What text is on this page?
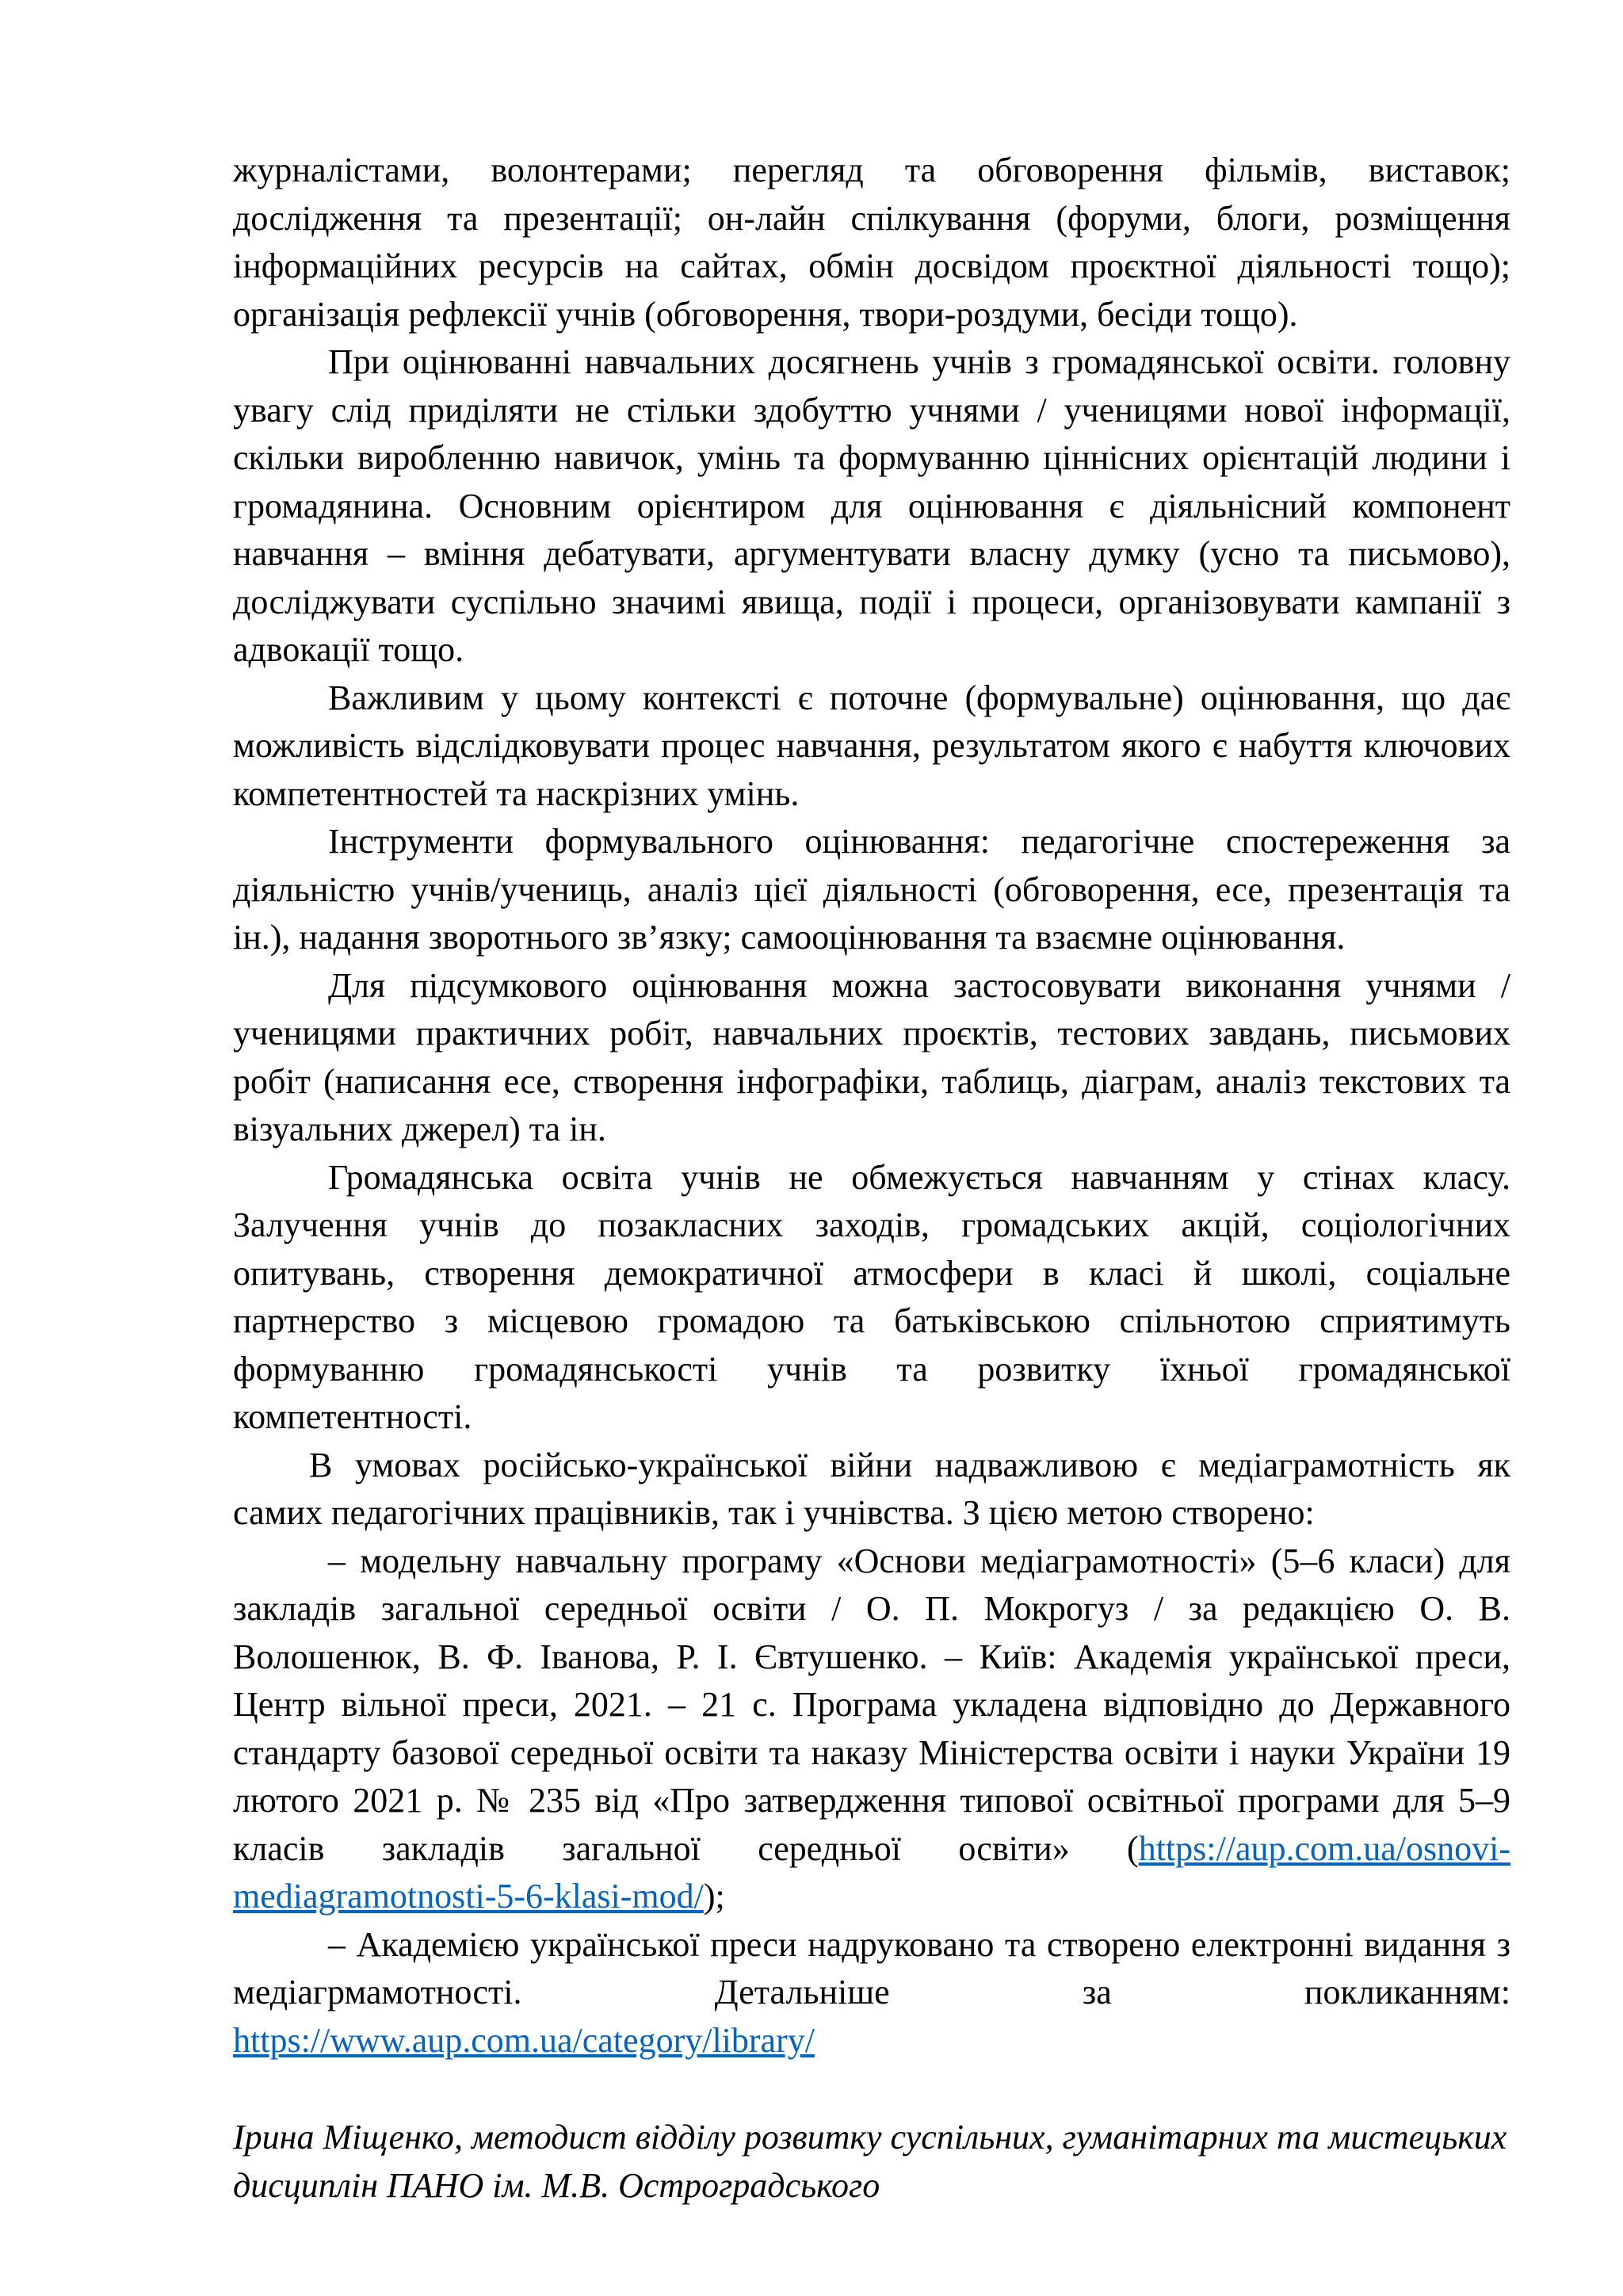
журналістами, волонтерами; перегляд та обговорення фільмів, виставок; дослідження та презентації; он-лайн спілкування (форуми, блоги, розміщення інформаційних ресурсів на сайтах, обмін досвідом проєктної діяльності тощо); організація рефлексії учнів (обговорення, твори-роздуми, бесіди тощо).

При оцінюванні навчальних досягнень учнів з громадянської освіти. головну увагу слід приділяти не стільки здобуттю учнями / ученицями нової інформації, скільки виробленню навичок, умінь та формуванню ціннісних орієнтацій людини і громадянина. Основним орієнтиром для оцінювання є діяльнісний компонент навчання – вміння дебатувати, аргументувати власну думку (усно та письмово), досліджувати суспільно значимі явища, події і процеси, організовувати кампанії з адвокації тощо.

Важливим у цьому контексті є поточне (формувальне) оцінювання, що дає можливість відслідковувати процес навчання, результатом якого є набуття ключових компетентностей та наскрізних умінь.

Інструменти формувального оцінювання: педагогічне спостереження за діяльністю учнів/учениць, аналіз цієї діяльності (обговорення, есе, презентація та ін.), надання зворотнього зв’язку; самооцінювання та взаємне оцінювання.

Для підсумкового оцінювання можна застосовувати виконання учнями / ученицями практичних робіт, навчальних проєктів, тестових завдань, письмових робіт (написання есе, створення інфографіки, таблиць, діаграм, аналіз текстових та візуальних джерел) та ін.

Громадянська освіта учнів не обмежується навчанням у стінах класу. Залучення учнів до позакласних заходів, громадських акцій, соціологічних опитувань, створення демократичної атмосфери в класі й школі, соціальне партнерство з місцевою громадою та батьківською спільнотою сприятимуть формуванню громадянськості учнів та розвитку їхньої громадянської компетентності.

В умовах російсько-української війни надважливою є медіаграмотність як самих педагогічних працівників, так і учнівства. З цією метою створено:

– модельну навчальну програму «Основи медіаграмотності» (5–6 класи) для закладів загальної середньої освіти / О. П. Мокрогуз / за редакцією О. В. Волошенюк, В. Ф. Іванова, Р. І. Євтушенко. – Київ: Академія української преси, Центр вільної преси, 2021. – 21 с. Програма укладена відповідно до Державного стандарту базової середньої освіти та наказу Міністерства освіти і науки України 19 лютого 2021 р. № 235 від «Про затвердження типової освітньої програми для 5–9 класів закладів загальної середньої освіти» (https://aup.com.ua/osnovi-mediagramotnosti-5-6-klasi-mod/);

– Академією української преси надруковано та створено електронні видання з медіагрмамотності. Детальніше за покликанням: https://www.aup.com.ua/category/library/

Ірина Міщенко, методист відділу розвитку суспільних, гуманітарних та мистецьких дисциплін ПАНО ім. М.В. Остроградського
